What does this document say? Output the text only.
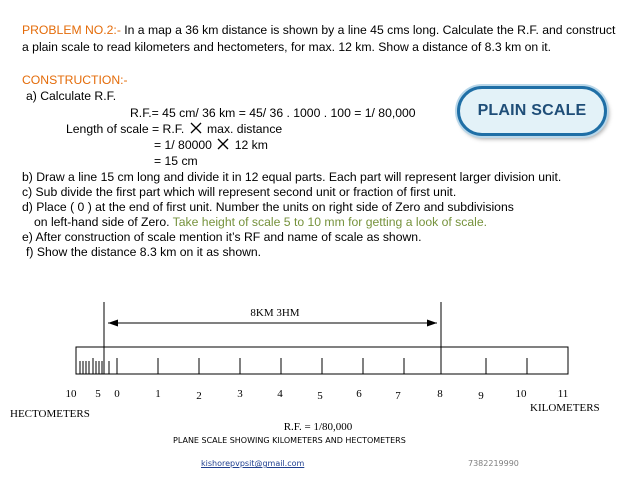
PROBLEM NO.2:- In a map a 36 km distance is shown by a line 45 cms long. Calculate the R.F. and construct
a plain scale to read kilometers and hectometers, for max. 12 km. Show a distance of 8.3 km on it.
CONSTRUCTION:-
a) Calculate R.F.
R.F.= 45 cm/ 36 km = 45/ 36 . 1000 . 100 = 1/ 80,000
Length of scale = R.F. max. distance
= 1/ 80000 12 km
= 15 cm
b) Draw a line 15 cm long and divide it in 12 equal parts. Each part will represent larger division unit.
c) Sub divide the first part which will represent second unit or fraction of first unit.
d) Place ( 0 ) at the end of first unit. Number the units on right side of Zero and subdivisions
on left-hand side of Zero. Take height of scale 5 to 10 mm for getting a look of scale.
e) After construction of scale mention it’s RF and name of scale as shown.
f) Show the distance 8.3 km on it as shown.
PLAIN SCALE
8KM 3HM
10 5 0	1	2	3	4	5	6	7	8	9	10	11
KILOMETERS
HECTOMETERS
R.F. = 1/80,000
PLANE SCALE SHOWING KILOMETERS AND HECTOMETERS
kishorepvpsit@gmail.com	7382219990
